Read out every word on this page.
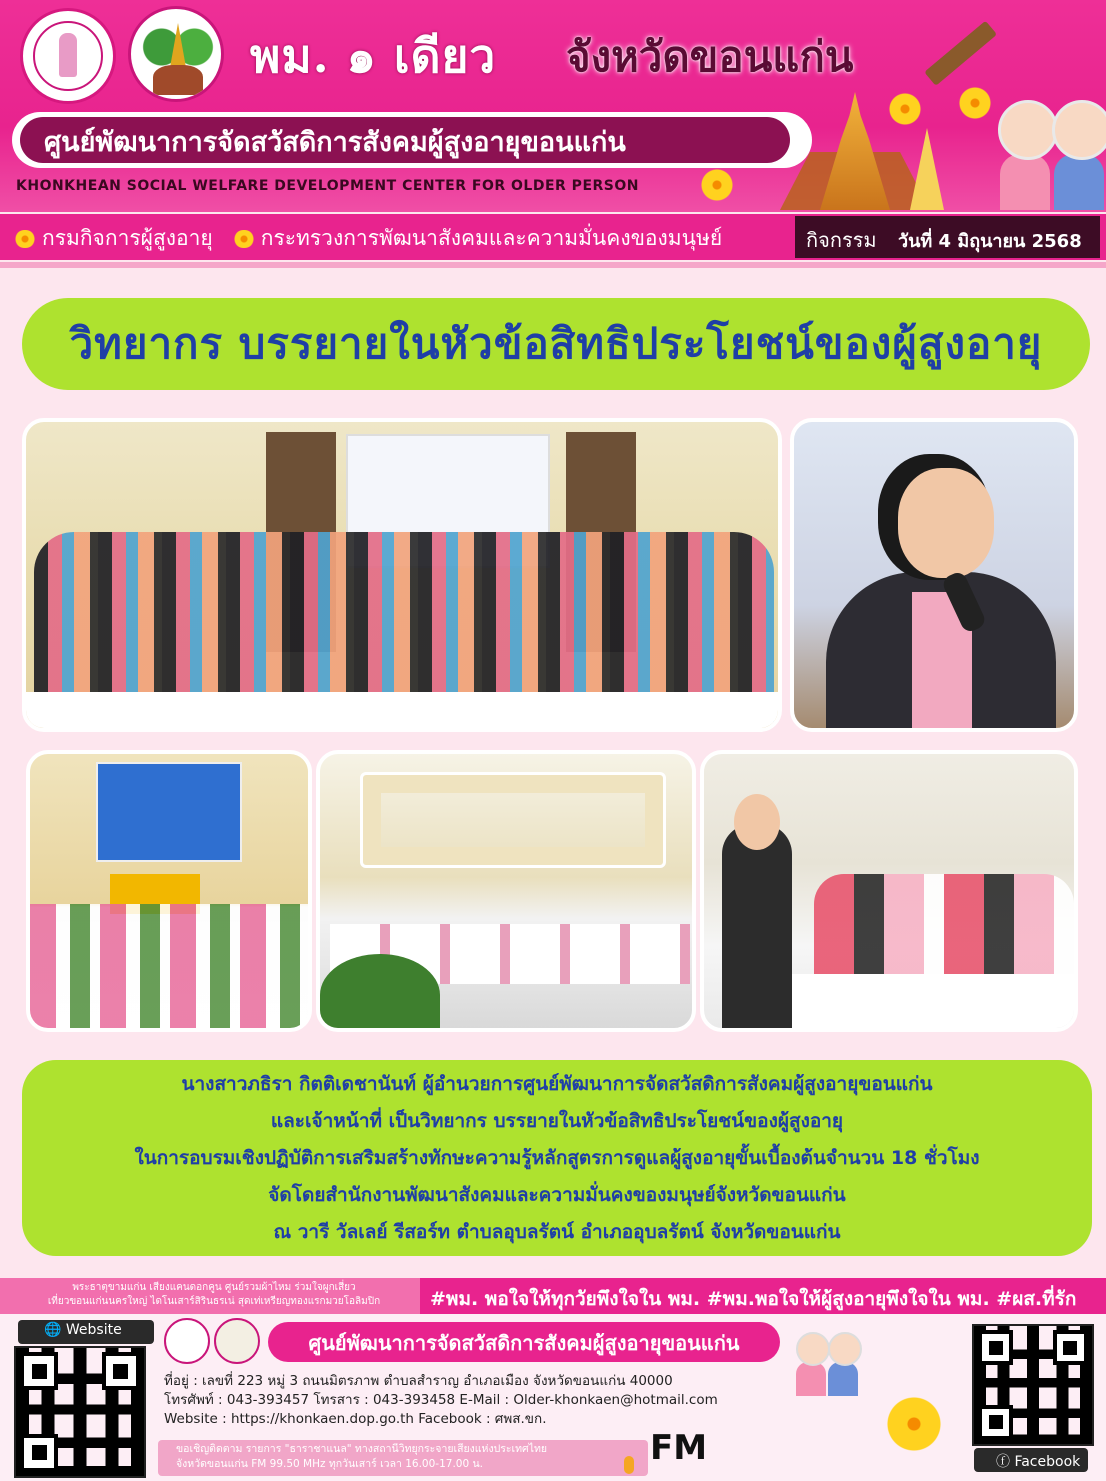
พม. ๑ เดียว จังหวัดขอนแก่น
ศูนย์พัฒนาการจัดสวัสดิการสังคมผู้สูงอายุขอนแก่น
KHONKHEAN SOCIAL WELFARE DEVELOPMENT CENTER FOR OLDER PERSON
กรมกิจการผู้สูงอายุ กระทรวงการพัฒนาสังคมและความมั่นคงของมนุษย์	กิจกรรม วันที่ 4 มิถุนายน 2568
วิทยากร บรรยายในหัวข้อสิทธิประโยชน์ของผู้สูงอายุ
นางสาวภธิรา กิตติเดชานันท์ ผู้อำนวยการศูนย์พัฒนาการจัดสวัสดิการสังคมผู้สูงอายุขอนแก่น
และเจ้าหน้าที่ เป็นวิทยากร บรรยายในหัวข้อสิทธิประโยชน์ของผู้สูงอายุ
ในการอบรมเชิงปฏิบัติการเสริมสร้างทักษะความรู้หลักสูตรการดูแลผู้สูงอายุขั้นเบื้องต้นจำนวน 18 ชั่วโมง
จัดโดยสำนักงานพัฒนาสังคมและความมั่นคงของมนุษย์จังหวัดขอนแก่น
ณ วารี วัลเลย์ รีสอร์ท ตำบลอุบลรัตน์ อำเภออุบลรัตน์ จังหวัดขอนแก่น
พระธาตุขามแก่น เสียงแคนดอกคูน ศูนย์รวมผ้าไหม ร่วมใจผูกเสี่ยว
เที่ยวขอนแก่นนครใหญ่ ไดโนเสาร์สิรินธรเน่ สุดเท่เหรียญทองแรกมวยโอลิมปิก	#พม. พอใจให้ทุกวัยพึงใจใน พม. #พม.พอใจให้ผู้สูงอายุพึงใจใน พม. #ผส.ที่รัก
🌐 Website
ศูนย์พัฒนาการจัดสวัสดิการสังคมผู้สูงอายุขอนแก่น
ที่อยู่ : เลขที่ 223 หมู่ 3 ถนนมิตรภาพ ตำบลสำราญ อำเภอเมือง จังหวัดขอนแก่น 40000
โทรศัพท์ : 043-393457 โทรสาร : 043-393458 E-Mail : Older-khonkaen@hotmail.com
Website : https://khonkaen.dop.go.th Facebook : ศพส.ขก.
ขอเชิญติดตาม รายการ "ธาราชาแนล" ทางสถานีวิทยุกระจายเสียงแห่งประเทศไทย
จังหวัดขอนแก่น FM 99.50 MHz ทุกวันเสาร์ เวลา 16.00-17.00 น.	FM	ⓕ Facebook
